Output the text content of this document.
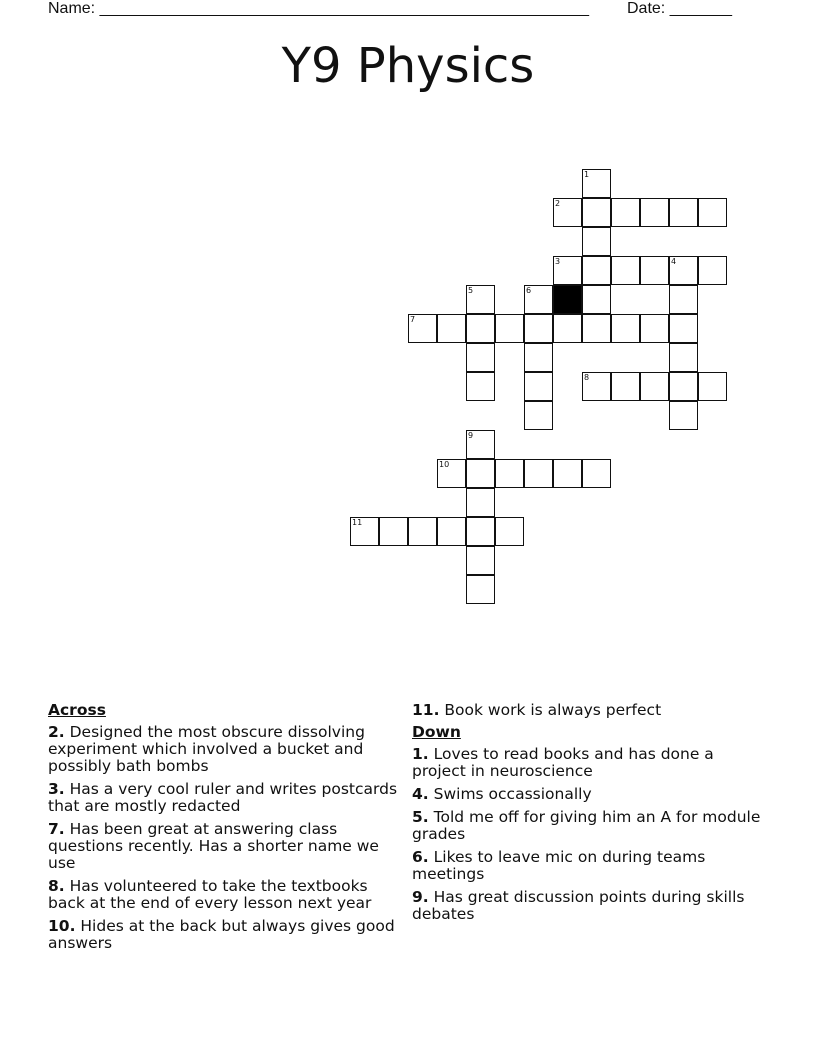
Name: _______________________________________________________ Date: _______
Y9 Physics
1
2
3	4
5	6
7
8
9
10
11
Across
2. Designed the most obscure dissolving experiment which involved a bucket and possibly bath bombs
3. Has a very cool ruler and writes postcards that are mostly redacted
7. Has been great at answering class questions recently. Has a shorter name we use
8. Has volunteered to take the textbooks back at the end of every lesson next year
10. Hides at the back but always gives good answers
11. Book work is always perfect
Down
1. Loves to read books and has done a project in neuroscience
4. Swims occassionally
5. Told me off for giving him an A for module grades
6. Likes to leave mic on during teams meetings
9. Has great discussion points during skills debates
